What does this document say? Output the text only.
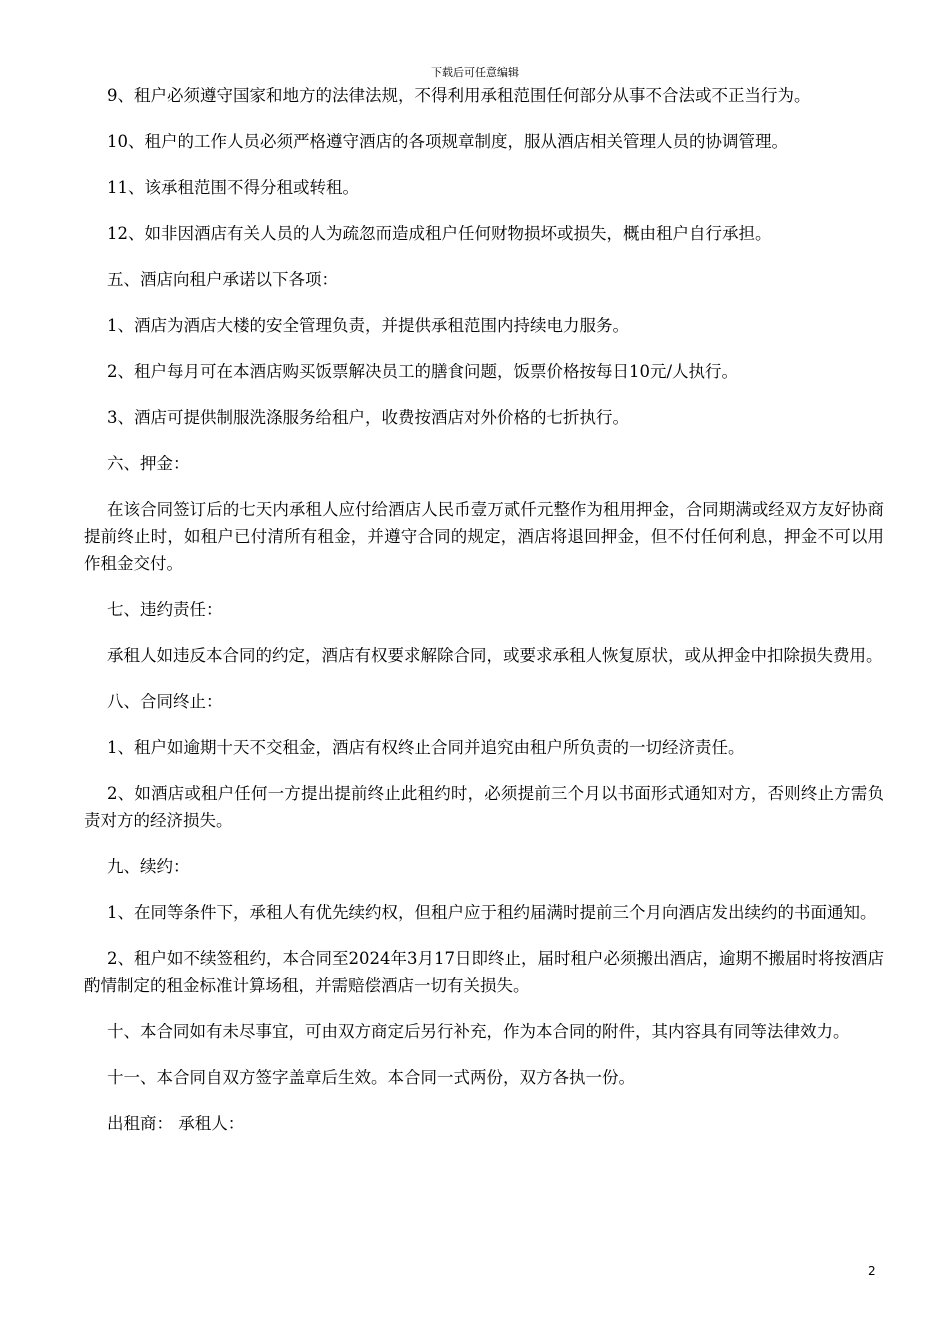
下载后可任意编辑

9、租户必须遵守国家和地方的法律法规，不得利用承租范围任何部分从事不合法或不正当行为。

10、租户的工作人员必须严格遵守酒店的各项规章制度，服从酒店相关管理人员的协调管理。

11、该承租范围不得分租或转租。

12、如非因酒店有关人员的人为疏忽而造成租户任何财物损坏或损失，概由租户自行承担。

五、酒店向租户承诺以下各项：

1、酒店为酒店大楼的安全管理负责，并提供承租范围内持续电力服务。

2、租户每月可在本酒店购买饭票解决员工的膳食问题，饭票价格按每日10元/人执行。

3、酒店可提供制服洗涤服务给租户，收费按酒店对外价格的七折执行。

六、押金：

在该合同签订后的七天内承租人应付给酒店人民币壹万贰仟元整作为租用押金，合同期满或经双方友好协商提前终止时，如租户已付清所有租金，并遵守合同的规定，酒店将退回押金，但不付任何利息，押金不可以用作租金交付。

七、违约责任：

承租人如违反本合同的约定，酒店有权要求解除合同，或要求承租人恢复原状，或从押金中扣除损失费用。

八、合同终止：

1、租户如逾期十天不交租金，酒店有权终止合同并追究由租户所负责的一切经济责任。

2、如酒店或租户任何一方提出提前终止此租约时，必须提前三个月以书面形式通知对方，否则终止方需负责对方的经济损失。

九、续约：

1、在同等条件下，承租人有优先续约权，但租户应于租约届满时提前三个月向酒店发出续约的书面通知。

2、租户如不续签租约，本合同至2024年3月17日即终止，届时租户必须搬出酒店，逾期不搬届时将按酒店酌情制定的租金标准计算场租，并需赔偿酒店一切有关损失。

十、本合同如有未尽事宜，可由双方商定后另行补充，作为本合同的附件，其内容具有同等法律效力。

十一、本合同自双方签字盖章后生效。本合同一式两份，双方各执一份。

出租商： 承租人：

2
